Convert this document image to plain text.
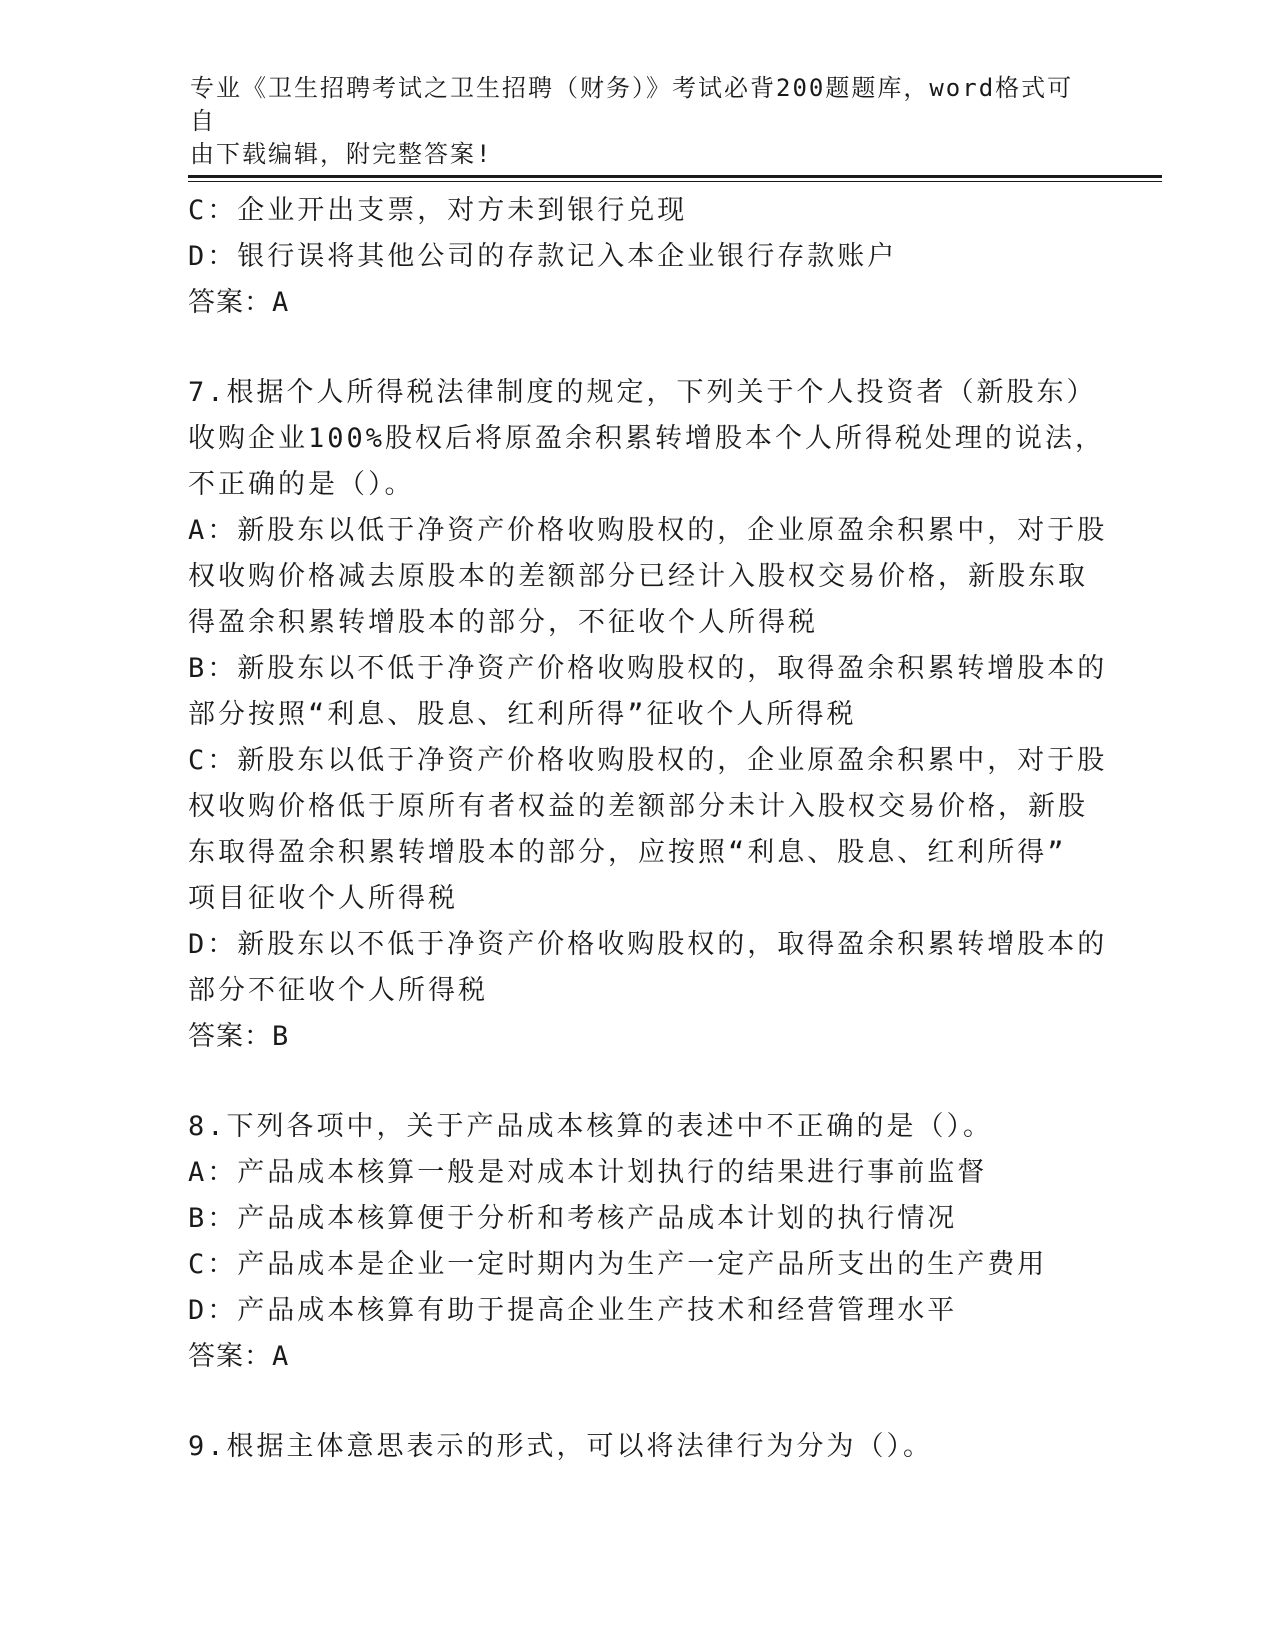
专业《卫生招聘考试之卫生招聘（财务）》考试必背200题题库，word格式可自
由下载编辑，附完整答案!
C：企业开出支票，对方未到银行兑现
D：银行误将其他公司的存款记入本企业银行存款账户
答案：A
7.根据个人所得税法律制度的规定，下列关于个人投资者（新股东）
收购企业100%股权后将原盈余积累转增股本个人所得税处理的说法，
不正确的是（）。
A：新股东以低于净资产价格收购股权的，企业原盈余积累中，对于股
权收购价格减去原股本的差额部分已经计入股权交易价格，新股东取
得盈余积累转增股本的部分，不征收个人所得税
B：新股东以不低于净资产价格收购股权的，取得盈余积累转增股本的
部分按照“利息、股息、红利所得”征收个人所得税
C：新股东以低于净资产价格收购股权的，企业原盈余积累中，对于股
权收购价格低于原所有者权益的差额部分未计入股权交易价格，新股
东取得盈余积累转增股本的部分，应按照“利息、股息、红利所得”
项目征收个人所得税
D：新股东以不低于净资产价格收购股权的，取得盈余积累转增股本的
部分不征收个人所得税
答案：B
8.下列各项中，关于产品成本核算的表述中不正确的是（）。
A：产品成本核算一般是对成本计划执行的结果进行事前监督
B：产品成本核算便于分析和考核产品成本计划的执行情况
C：产品成本是企业一定时期内为生产一定产品所支出的生产费用
D：产品成本核算有助于提高企业生产技术和经营管理水平
答案：A
9.根据主体意思表示的形式，可以将法律行为分为（）。
